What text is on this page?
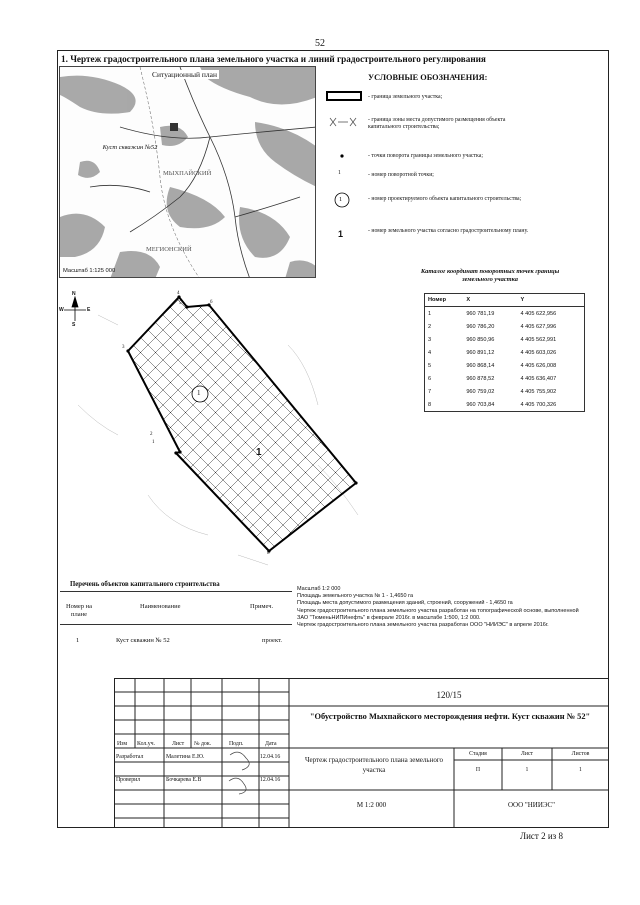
52
1. Чертеж градостроительного плана земельного участка и линий градостроительного регулирования
Ситуационный план
Куст скважин №52
МЫХПАЙСКИЙ
МЕГИОНСКИЙ
Масштаб 1:125 000
УСЛОВНЫЕ ОБОЗНАЧЕНИЯ:
1
1
1
- граница земельного участка;
- граница зоны места допустимого размещения объекта капитального строительства;
- точки поворота границы земельного участка;
- номер поворотной точки;
- номер проектируемого объекта капитального строительства;
- номер земельного участка согласно градостроительному плану.
Каталог координат поворотных точек границы земельного участка
Номер	X	Y
1	960 781,19	4 405 622,956
2	960 786,20	4 405 627,996
3	960 850,96	4 405 562,991
4	960 891,12	4 405 603,026
5	960 868,14	4 405 626,008
6	960 878,52	4 405 636,407
7	960 759,02	4 405 755,902
8	960 703,84	4 405 700,326
N
S
W	E
1
2
3
4
5	6
7
8
1
1
Перечень объектов капитального строительства
Номер на плане
Наименование	Примеч.
1	Куст скважин № 52	проект.
Масштаб 1:2 000
Площадь земельного участка № 1 - 1,4650 га
Площадь места допустимого размещения зданий, строений, сооружений - 1,4650 га
Чертеж градостроительного плана земельного участка разработан на топографической основе, выполненной ЗАО "ТюменьНИПИнефть" в феврале 2016г. в масштабе 1:500, 1:2 000.
Чертеж градостроительного плана земельного участка разработан ООО "НИИЭС" в апреле 2016г.
120/15
"Обустройство Мыхпайского месторождения нефти. Куст скважин № 52"
Изм Кол.уч.	Лист № док.	Подп.	Дата
Разработал	Малетина Е.Ю.	12.04.16
Проверил	Бочкарева Е.В	12.04.16
Чертеж градостроительного плана земельного участка
Стадия	Лист	Листов
П	1	1
М 1:2 000	ООО "НИИЭС"
Лист 2 из 8
